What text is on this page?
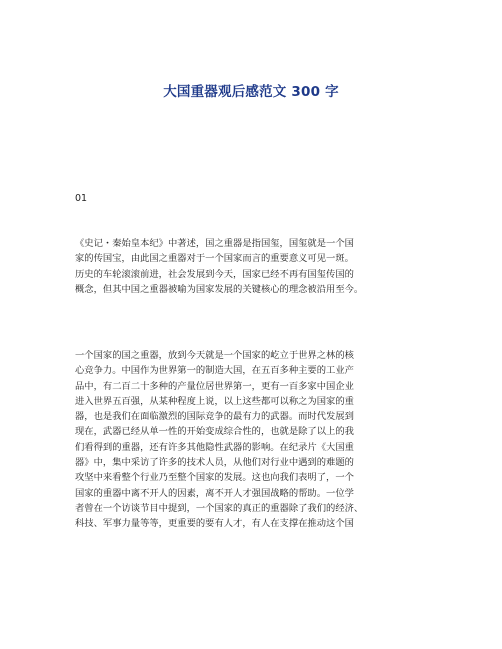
大国重器观后感范文 300 字
01
《史记・秦始皇本纪》中著述，国之重器是指国玺，国玺就是一个国
家的传国宝，由此国之重器对于一个国家而言的重要意义可见一斑。
历史的车轮滚滚前进，社会发展到今天，国家已经不再有国玺传国的
概念，但其中国之重器被喻为国家发展的关键核心的理念被沿用至今。
一个国家的国之重器，放到今天就是一个国家的屹立于世界之林的核
心竞争力。中国作为世界第一的制造大国，在五百多种主要的工业产
品中，有二百二十多种的产量位居世界第一，更有一百多家中国企业
进入世界五百强，从某种程度上说，以上这些都可以称之为国家的重
器，也是我们在面临激烈的国际竞争的最有力的武器。而时代发展到
现在，武器已经从单一性的开始变成综合性的，也就是除了以上的我
们看得到的重器，还有许多其他隐性武器的影响。在纪录片《大国重
器》中，集中采访了许多的技术人员，从他们对行业中遇到的难题的
攻坚中来看整个行业乃至整个国家的发展。这也向我们表明了，一个
国家的重器中离不开人的因素，离不开人才强国战略的帮助。一位学
者曾在一个访谈节目中提到，一个国家的真正的重器除了我们的经济、
科技、军事力量等等，更重要的要有人才，有人在支撑在推动这个国
